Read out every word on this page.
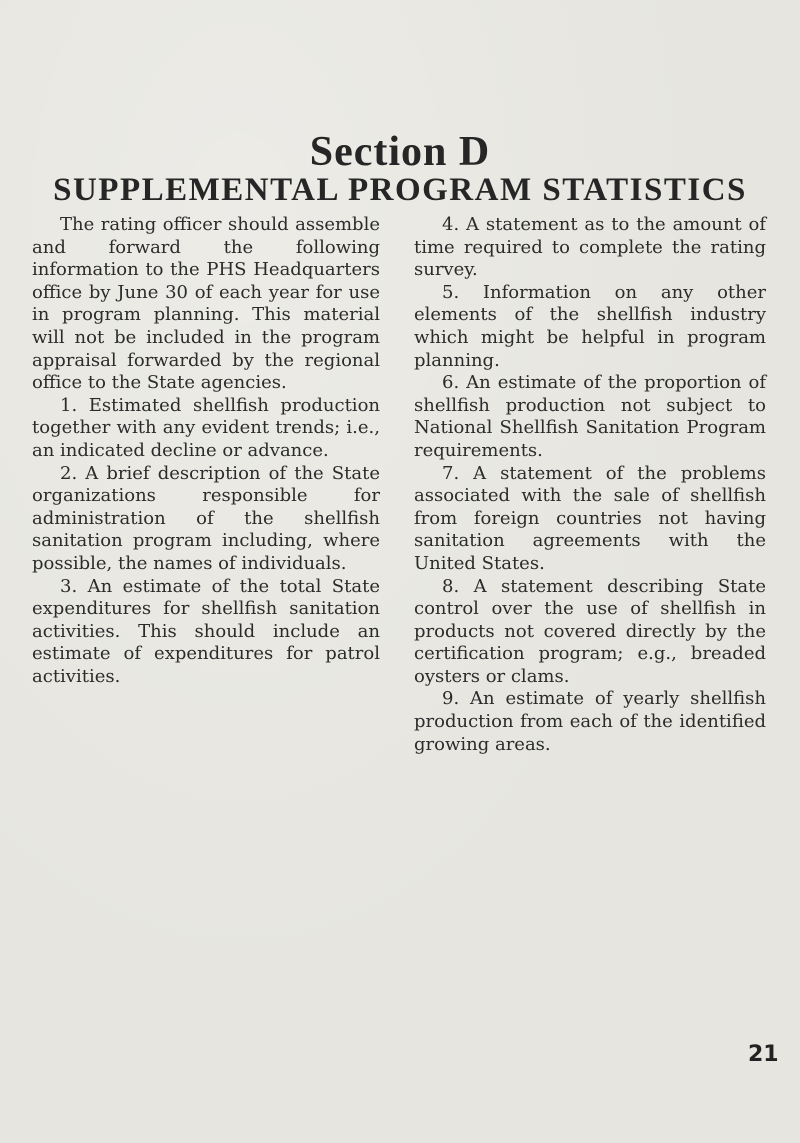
Section D
SUPPLEMENTAL PROGRAM STATISTICS

The rating officer should assemble and forward the following information to the PHS Headquarters office by June 30 of each year for use in program planning. This material will not be included in the program appraisal forwarded by the regional office to the State agencies.

1. Estimated shellfish production together with any evident trends; i.e., an indicated decline or advance.

2. A brief description of the State organizations responsible for administration of the shellfish sanitation program including, where possible, the names of individuals.

3. An estimate of the total State expenditures for shellfish sanitation activities. This should include an estimate of expenditures for patrol activities.

4. A statement as to the amount of time required to complete the rating survey.

5. Information on any other elements of the shellfish industry which might be helpful in program planning.

6. An estimate of the proportion of shellfish production not subject to National Shellfish Sanitation Program requirements.

7. A statement of the problems associated with the sale of shellfish from foreign countries not having sanitation agreements with the United States.

8. A statement describing State control over the use of shellfish in products not covered directly by the certification program; e.g., breaded oysters or clams.

9. An estimate of yearly shellfish production from each of the identified growing areas.

21
